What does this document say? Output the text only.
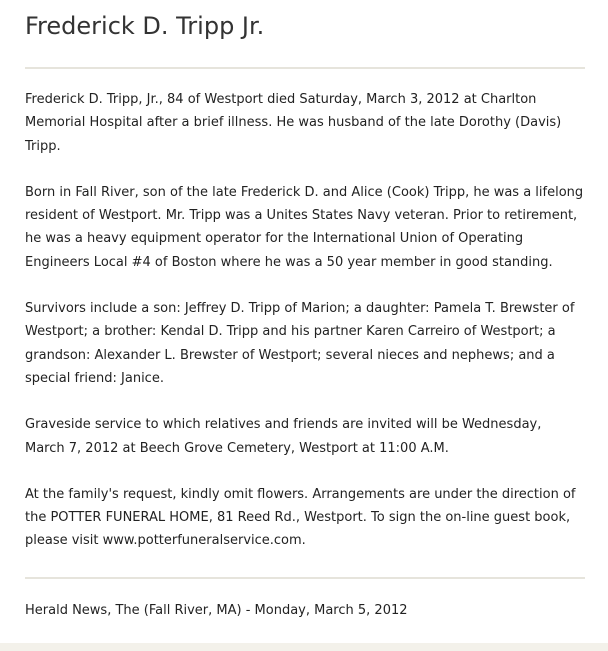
Frederick D. Tripp Jr.

Frederick D. Tripp, Jr., 84 of Westport died Saturday, March 3, 2012 at Charlton Memorial Hospital after a brief illness. He was husband of the late Dorothy (Davis) Tripp.

Born in Fall River, son of the late Frederick D. and Alice (Cook) Tripp, he was a lifelong resident of Westport. Mr. Tripp was a Unites States Navy veteran. Prior to retirement, he was a heavy equipment operator for the International Union of Operating Engineers Local #4 of Boston where he was a 50 year member in good standing.

Survivors include a son: Jeffrey D. Tripp of Marion; a daughter: Pamela T. Brewster of Westport; a brother: Kendal D. Tripp and his partner Karen Carreiro of Westport; a grandson: Alexander L. Brewster of Westport; several nieces and nephews; and a special friend: Janice.

Graveside service to which relatives and friends are invited will be Wednesday, March 7, 2012 at Beech Grove Cemetery, Westport at 11:00 A.M.

At the family's request, kindly omit flowers. Arrangements are under the direction of the POTTER FUNERAL HOME, 81 Reed Rd., Westport. To sign the on-line guest book, please visit www.potterfuneralservice.com.

Herald News, The (Fall River, MA) - Monday, March 5, 2012
